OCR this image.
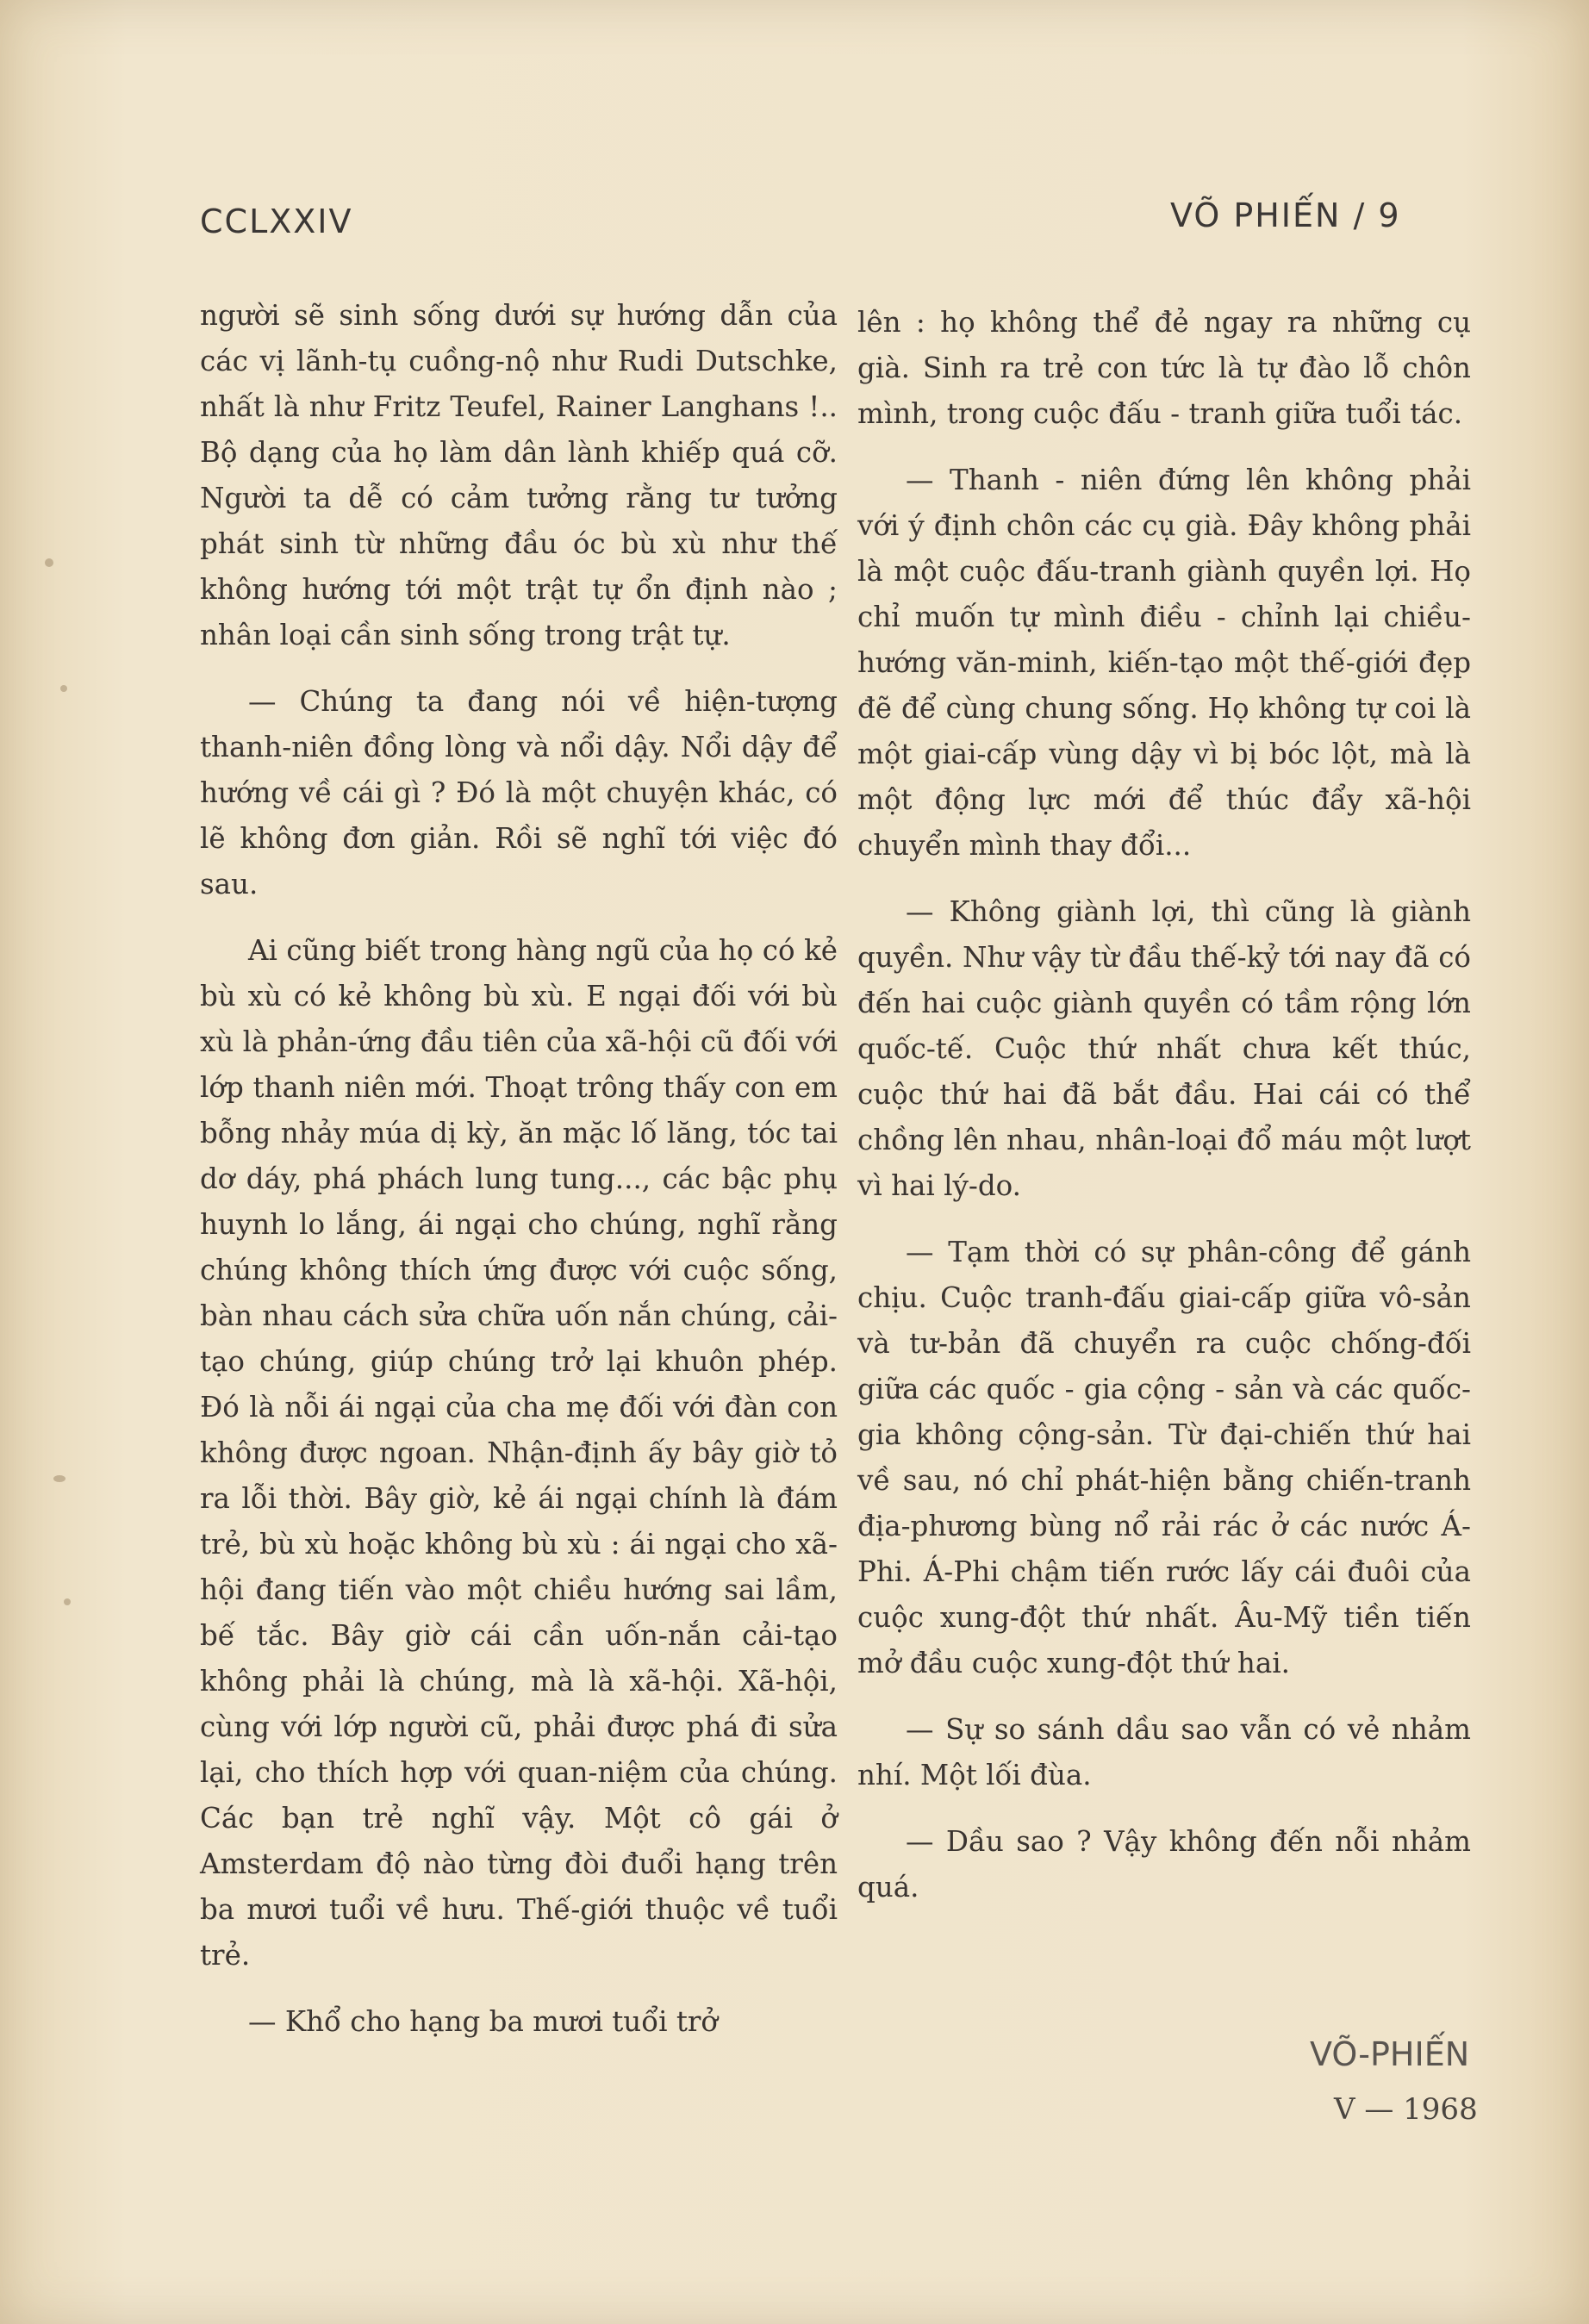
CCLXXIV	VÕ PHIẾN / 9

người sẽ sinh sống dưới sự hướng dẫn của các vị lãnh-tụ cuồng-nộ như Rudi Dutschke, nhất là như Fritz Teufel, Rainer Langhans !.. Bộ dạng của họ làm dân lành khiếp quá cỡ. Người ta dễ có cảm tưởng rằng tư tưởng phát sinh từ những đầu óc bù xù như thế không hướng tới một trật tự ổn định nào ; nhân loại cần sinh sống trong trật tự.

— Chúng ta đang nói về hiện-tượng thanh-niên đồng lòng và nổi dậy. Nổi dậy để hướng về cái gì ? Đó là một chuyện khác, có lẽ không đơn giản. Rồi sẽ nghĩ tới việc đó sau.

Ai cũng biết trong hàng ngũ của họ có kẻ bù xù có kẻ không bù xù. E ngại đối với bù xù là phản-ứng đầu tiên của xã-hội cũ đối với lớp thanh niên mới. Thoạt trông thấy con em bỗng nhảy múa dị kỳ, ăn mặc lố lăng, tóc tai dơ dáy, phá phách lung tung..., các bậc phụ huynh lo lắng, ái ngại cho chúng, nghĩ rằng chúng không thích ứng được với cuộc sống, bàn nhau cách sửa chữa uốn nắn chúng, cải-tạo chúng, giúp chúng trở lại khuôn phép. Đó là nỗi ái ngại của cha mẹ đối với đàn con không được ngoan. Nhận-định ấy bây giờ tỏ ra lỗi thời. Bây giờ, kẻ ái ngại chính là đám trẻ, bù xù hoặc không bù xù : ái ngại cho xã-hội đang tiến vào một chiều hướng sai lầm, bế tắc. Bây giờ cái cần uốn-nắn cải-tạo không phải là chúng, mà là xã-hội. Xã-hội, cùng với lớp người cũ, phải được phá đi sửa lại, cho thích hợp với quan-niệm của chúng. Các bạn trẻ nghĩ vậy. Một cô gái ở Amsterdam độ nào từng đòi đuổi hạng trên ba mươi tuổi về hưu. Thế-giới thuộc về tuổi trẻ.

— Khổ cho hạng ba mươi tuổi trở

lên : họ không thể đẻ ngay ra những cụ già. Sinh ra trẻ con tức là tự đào lỗ chôn mình, trong cuộc đấu - tranh giữa tuổi tác.

— Thanh - niên đứng lên không phải với ý định chôn các cụ già. Đây không phải là một cuộc đấu-tranh giành quyền lợi. Họ chỉ muốn tự mình điều - chỉnh lại chiều-hướng văn-minh, kiến-tạo một thế-giới đẹp đẽ để cùng chung sống. Họ không tự coi là một giai-cấp vùng dậy vì bị bóc lột, mà là một động lực mới để thúc đẩy xã-hội chuyển mình thay đổi...

— Không giành lợi, thì cũng là giành quyền. Như vậy từ đầu thế-kỷ tới nay đã có đến hai cuộc giành quyền có tầm rộng lớn quốc-tế. Cuộc thứ nhất chưa kết thúc, cuộc thứ hai đã bắt đầu. Hai cái có thể chồng lên nhau, nhân-loại đổ máu một lượt vì hai lý-do.

— Tạm thời có sự phân-công để gánh chịu. Cuộc tranh-đấu giai-cấp giữa vô-sản và tư-bản đã chuyển ra cuộc chống-đối giữa các quốc - gia cộng - sản và các quốc-gia không cộng-sản. Từ đại-chiến thứ hai về sau, nó chỉ phát-hiện bằng chiến-tranh địa-phương bùng nổ rải rác ở các nước Á-Phi. Á-Phi chậm tiến rước lấy cái đuôi của cuộc xung-đột thứ nhất. Âu-Mỹ tiền tiến mở đầu cuộc xung-đột thứ hai.

— Sự so sánh dầu sao vẫn có vẻ nhảm nhí. Một lối đùa.

— Dầu sao ? Vậy không đến nỗi nhảm quá.

VÕ-PHIẾN
V — 1968
